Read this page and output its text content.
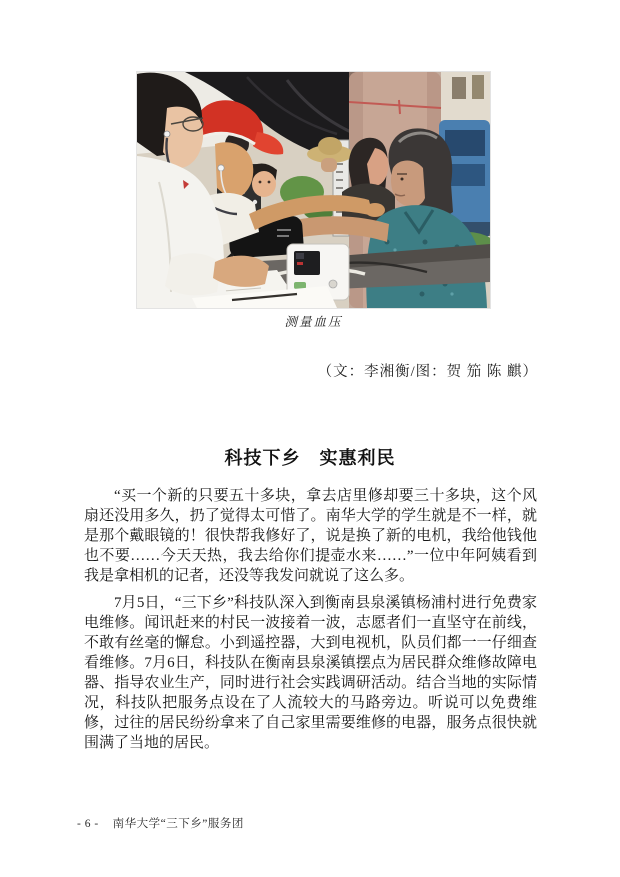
测量血压
（文：李湘衡/图：贺 笳 陈 麒）
科技下乡　实惠利民

“买一个新的只要五十多块，拿去店里修却要三十多块，这个风扇还没用多久，扔了觉得太可惜了。南华大学的学生就是不一样，就是那个戴眼镜的！很快帮我修好了，说是换了新的电机，我给他钱他也不要……今天天热，我去给你们提壶水来……”一位中年阿姨看到我是拿相机的记者，还没等我发问就说了这么多。

7月5日，“三下乡”科技队深入到衡南县泉溪镇杨浦村进行免费家电维修。闻讯赶来的村民一波接着一波，志愿者们一直坚守在前线，不敢有丝毫的懈怠。小到遥控器，大到电视机，队员们都一一仔细查看维修。7月6日，科技队在衡南县泉溪镇摆点为居民群众维修故障电器、指导农业生产，同时进行社会实践调研活动。结合当地的实际情况，科技队把服务点设在了人流较大的马路旁边。听说可以免费维修，过往的居民纷纷拿来了自己家里需要维修的电器，服务点很快就围满了当地的居民。

- 6 - 南华大学“三下乡”服务团
